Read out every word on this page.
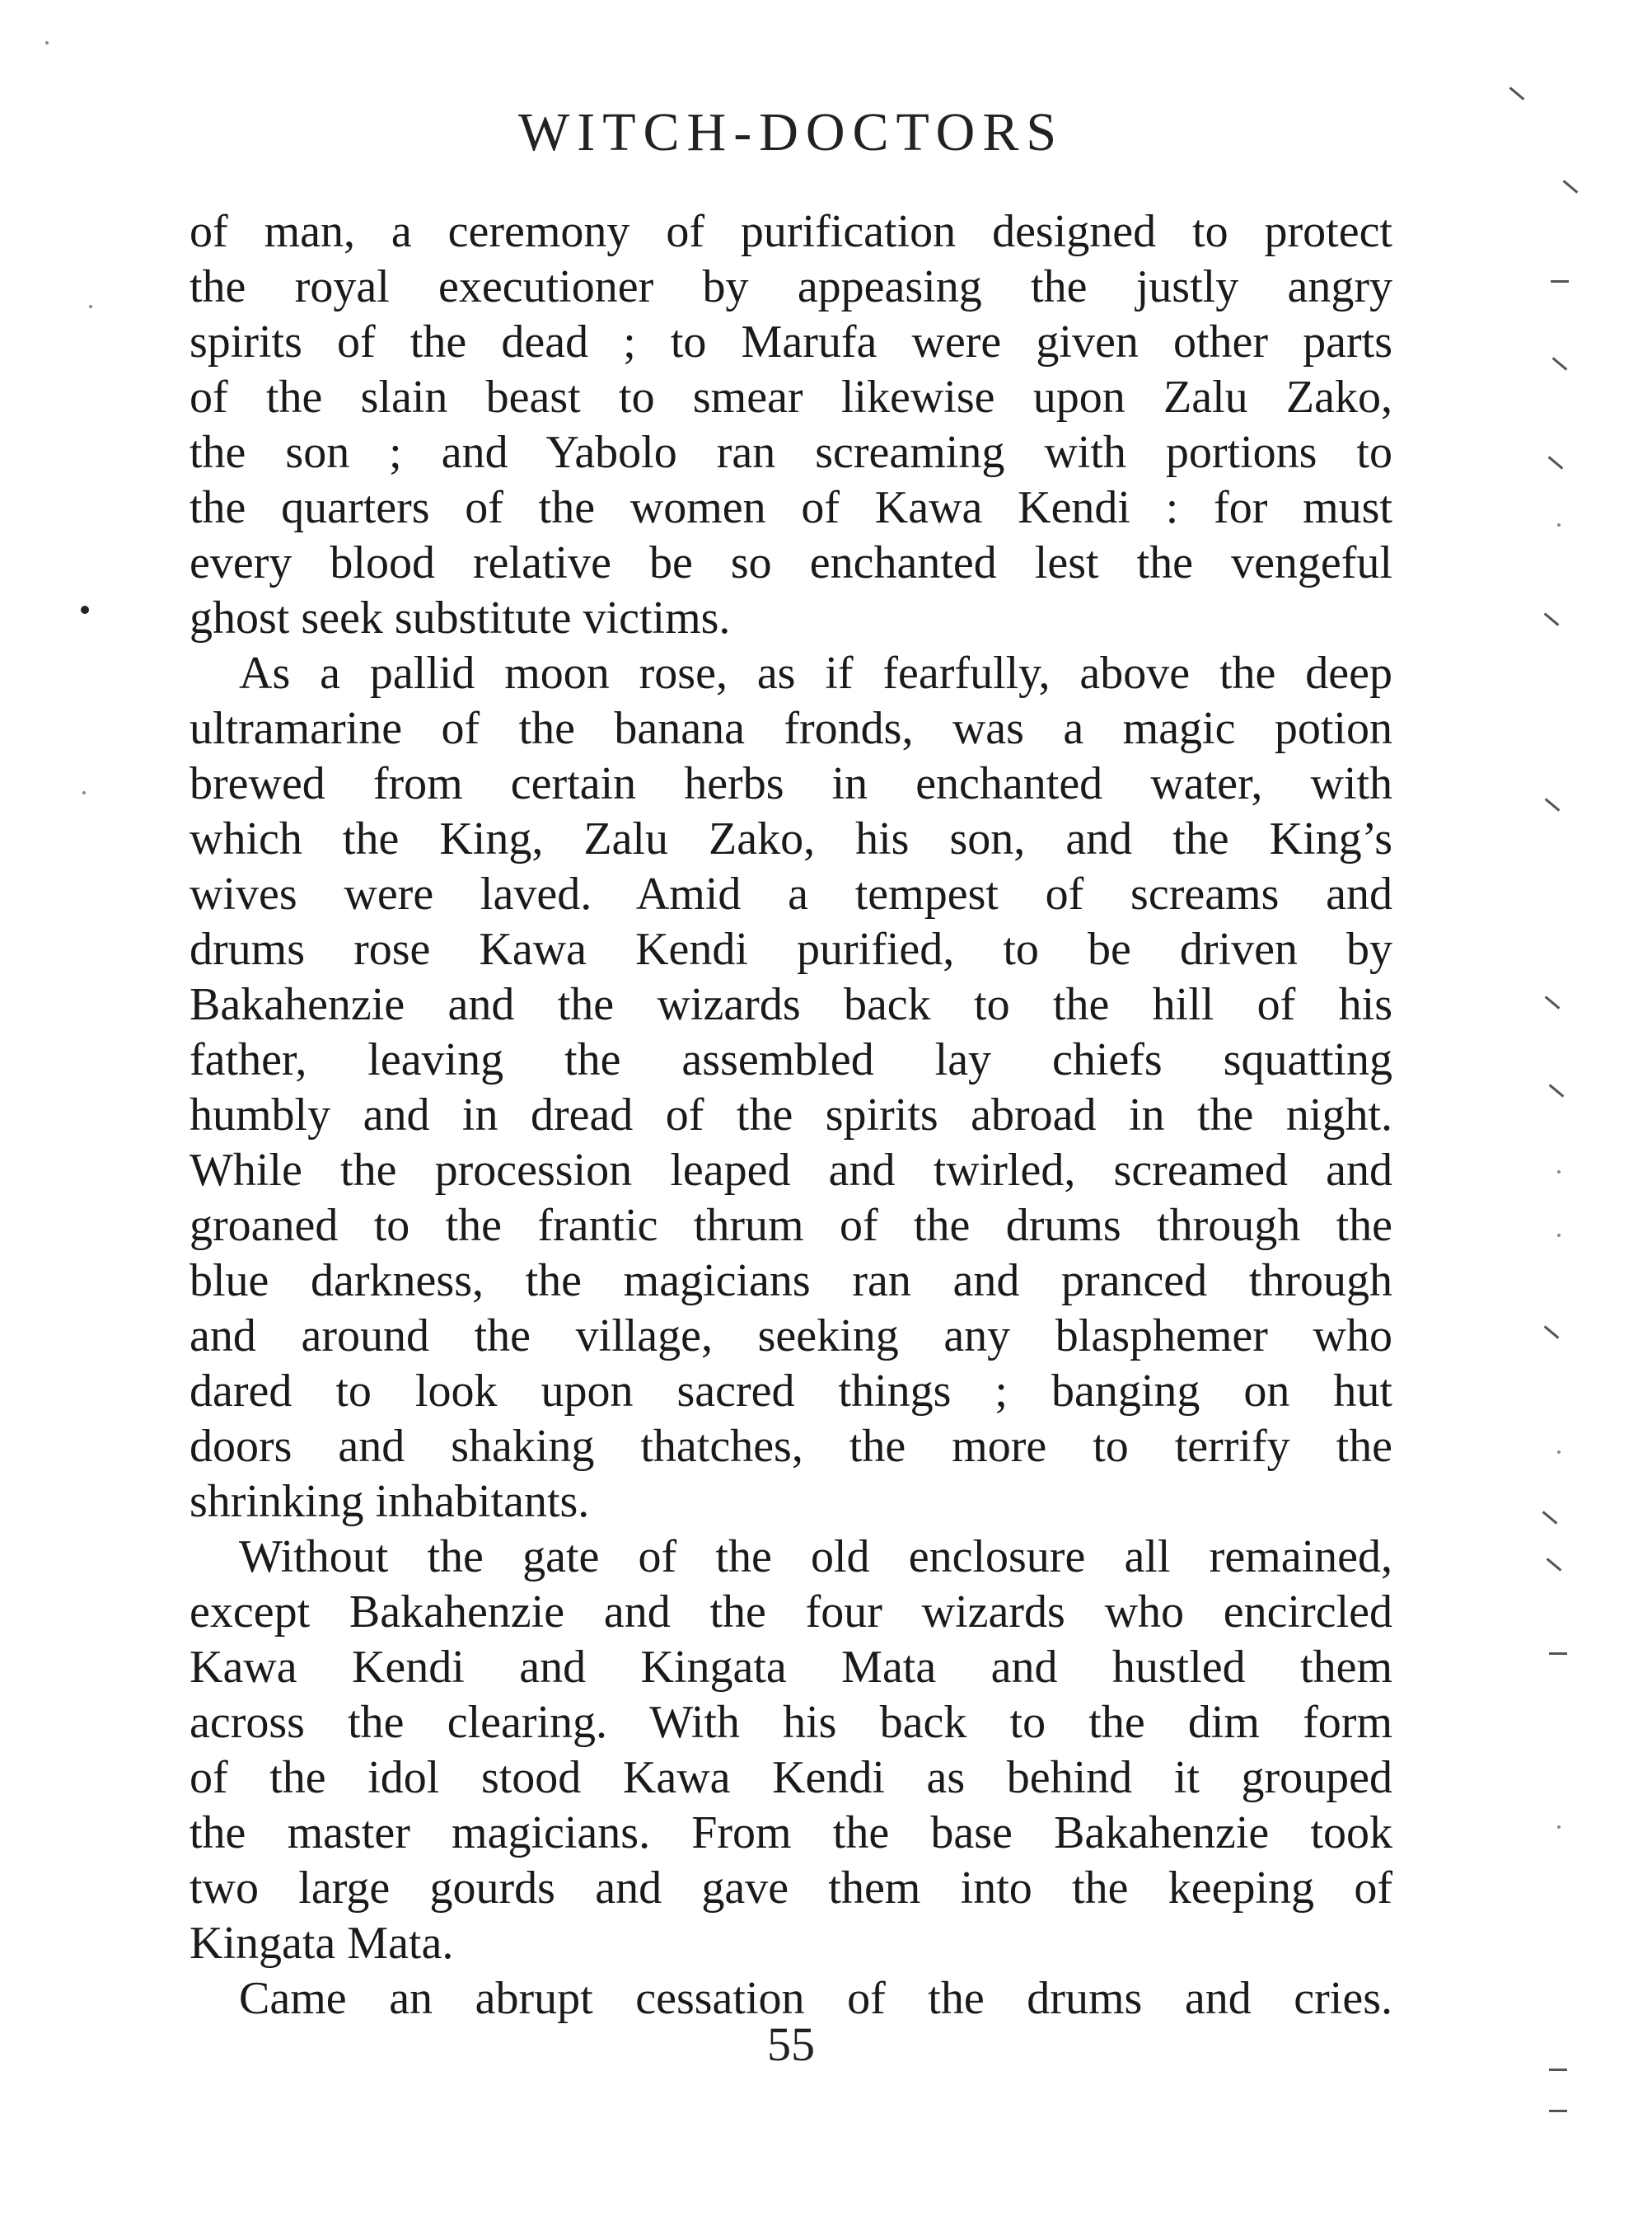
WITCH-DOCTORS
of man, a ceremony of purification designed to protect
the royal executioner by appeasing the justly angry
spirits of the dead ; to Marufa were given other parts
of the slain beast to smear likewise upon Zalu Zako,
the son ; and Yabolo ran screaming with portions to
the quarters of the women of Kawa Kendi : for must
every blood relative be so enchanted lest the vengeful
ghost seek substitute victims.
As a pallid moon rose, as if fearfully, above the deep
ultramarine of the banana fronds, was a magic potion
brewed from certain herbs in enchanted water, with
which the King, Zalu Zako, his son, and the King’s
wives were laved. Amid a tempest of screams and
drums rose Kawa Kendi purified, to be driven by
Bakahenzie and the wizards back to the hill of his
father, leaving the assembled lay chiefs squatting
humbly and in dread of the spirits abroad in the night.
While the procession leaped and twirled, screamed and
groaned to the frantic thrum of the drums through the
blue darkness, the magicians ran and pranced through
and around the village, seeking any blasphemer who
dared to look upon sacred things ; banging on hut
doors and shaking thatches, the more to terrify the
shrinking inhabitants.
Without the gate of the old enclosure all remained,
except Bakahenzie and the four wizards who encircled
Kawa Kendi and Kingata Mata and hustled them
across the clearing. With his back to the dim form
of the idol stood Kawa Kendi as behind it grouped
the master magicians. From the base Bakahenzie took
two large gourds and gave them into the keeping of
Kingata Mata.
Came an abrupt cessation of the drums and cries.
55
